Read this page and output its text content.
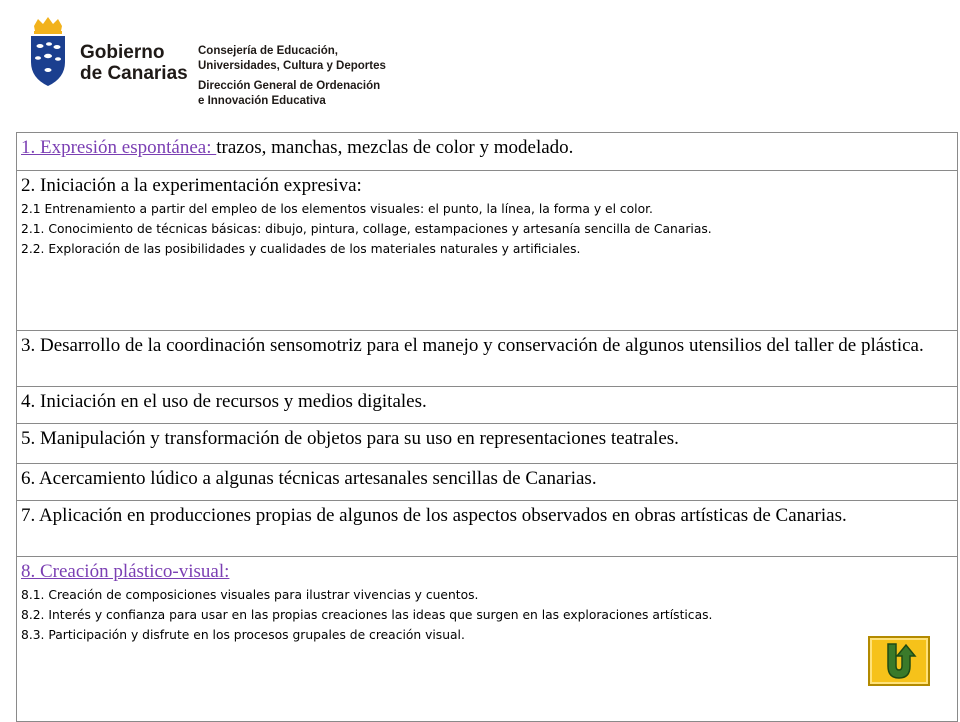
Gobierno
de Canarias
Consejería de Educación,
Universidades, Cultura y Deportes
Dirección General de Ordenación
e Innovación Educativa
1. Expresión espontánea: trazos, manchas, mezclas de color y modelado.

2. Iniciación a la experimentación expresiva:
2.1 Entrenamiento a partir del empleo de los elementos visuales: el punto, la línea, la forma y el color.
2.1. Conocimiento de técnicas básicas: dibujo, pintura, collage, estampaciones y artesanía sencilla de Canarias.
2.2. Exploración de las posibilidades y cualidades de los materiales naturales y artificiales.

3. Desarrollo de la coordinación sensomotriz para el manejo y conservación de algunos utensilios del taller de plástica.
4. Iniciación en el uso de recursos y medios digitales.
5. Manipulación y transformación de objetos para su uso en representaciones teatrales.
6. Acercamiento lúdico a algunas técnicas artesanales sencillas de Canarias.
7. Aplicación en producciones propias de algunos de los aspectos observados en obras artísticas de Canarias.
8. Creación plástico-visual:
8.1. Creación de composiciones visuales para ilustrar vivencias y cuentos.
8.2. Interés y confianza para usar en las propias creaciones las ideas que surgen en las exploraciones artísticas.
8.3. Participación y disfrute en los procesos grupales de creación visual.
